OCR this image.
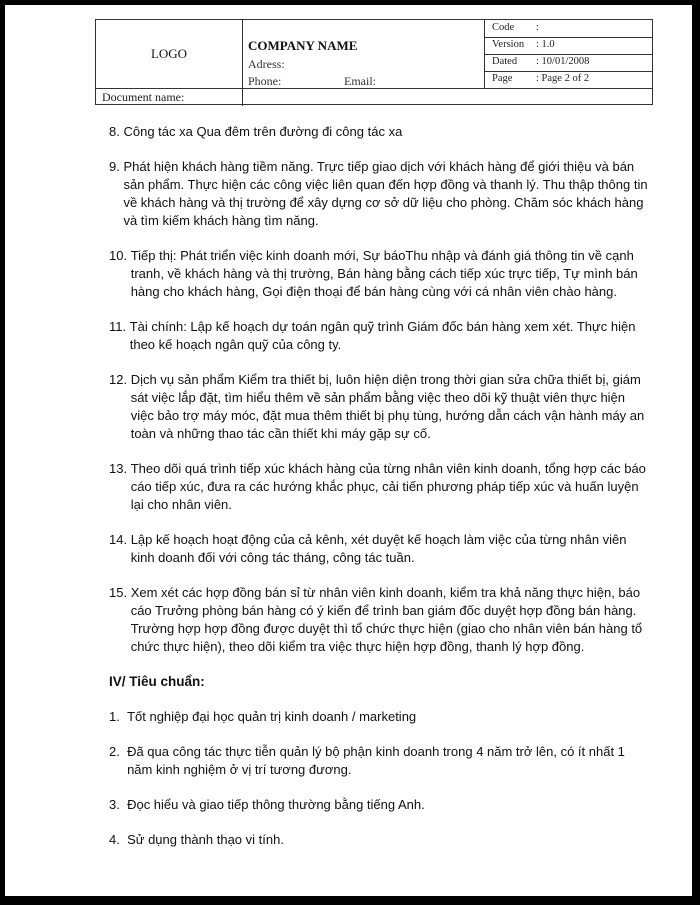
LOGO
COMPANY NAME
Adress:
Phone:	Email:
Code :
Version : 1.0
Dated : 10/01/2008
Page : Page 2 of 2
Document name:
8.
Công tác xa Qua đêm trên đường đi công tác xa
9.
Phát hiện khách hàng tiềm năng. Trực tiếp giao dịch với khách hàng để giới thiệu và bán sản phẩm. Thực hiện các công việc liên quan đến hợp đồng và thanh lý. Thu thập thông tin về khách hàng và thị trường để xây dựng cơ sở dữ liệu cho phòng. Chăm sóc khách hàng và tìm kiếm khách hàng tìm năng.
10.
Tiếp thị: Phát triển việc kinh doanh mới, Sự báoThu nhập và đánh giá thông tin về cạnh tranh, về khách hàng và thị trường, Bán hàng bằng cách tiếp xúc trực tiếp, Tự mình bán hàng cho khách hàng, Gọi điện thoại để bán hàng cùng với cá nhân viên chào hàng.
11.
Tài chính: Lập kế hoạch dự toán ngân quỹ trình Giám đốc bán hàng xem xét. Thực hiện theo kế hoạch ngân quỹ của công ty.
12.
Dịch vụ sản phẩm Kiểm tra thiết bị, luôn hiện diện trong thời gian sửa chữa thiết bị, giám sát việc lắp đặt, tìm hiểu thêm về sản phẩm bằng việc theo dõi kỹ thuật viên thực hiện việc bảo trợ máy móc, đặt mua thêm thiết bị phụ tùng, hướng dẫn cách vận hành máy an toàn và những thao tác cần thiết khi máy gặp sự cố.
13.
Theo dõi quá trình tiếp xúc khách hàng của từng nhân viên kinh doanh, tổng hợp các báo cáo tiếp xúc, đưa ra các hướng khắc phục, cải tiến phương pháp tiếp xúc và huấn luyện lại cho nhân viên.
14.
Lập kế hoạch hoạt động của cả kênh, xét duyệt kế hoạch làm việc của từng nhân viên kinh doanh đối với công tác tháng, công tác tuần.
15.
Xem xét các hợp đồng bán sỉ từ nhân viên kinh doanh, kiểm tra khả năng thực hiện, báo cáo Trưởng phòng bán hàng có ý kiến để trình ban giám đốc duyệt hợp đồng bán hàng. Trường hợp hợp đồng được duyệt thì tổ chức thực hiện (giao cho nhân viên bán hàng tổ chức thực hiện), theo dõi kiểm tra việc thực hiện hợp đồng, thanh lý hợp đồng.
IV/ Tiêu chuẩn:
1.
Tốt nghiệp đại học quản trị kinh doanh / marketing
2.
Đã qua công tác thực tiễn quản lý bộ phận kinh doanh trong 4 năm trở lên, có ít nhất 1 năm kinh nghiệm ở vị trí tương đương.
3.
Đọc hiểu và giao tiếp thông thường bằng tiếng Anh.
4.
Sử dụng thành thạo vi tính.
